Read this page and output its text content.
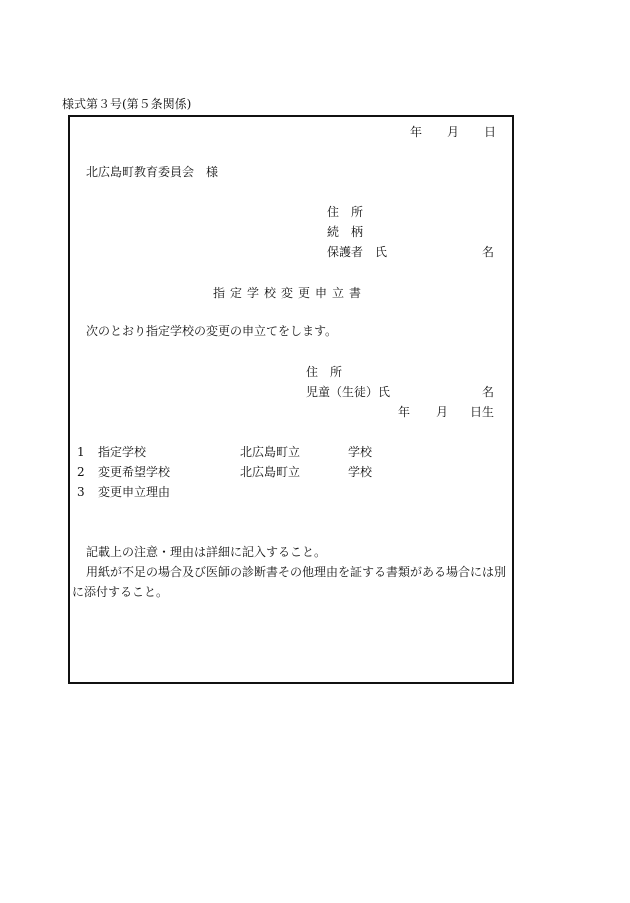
様式第３号(第５条関係)
年 月 日
北広島町教育委員会　様
住　所
続　柄
保護者　氏	名
指定学校変更申立書
次のとおり指定学校の変更の申立てをします。
住　所
児童（生徒）氏	名
年 月 日生
1 指定学校	北広島町立	学校
2 変更希望学校	北広島町立	学校
3 変更申立理由
記載上の注意・理由は詳細に記入すること。
用紙が不足の場合及び医師の診断書その他理由を証する書類がある場合には別に添付すること。
